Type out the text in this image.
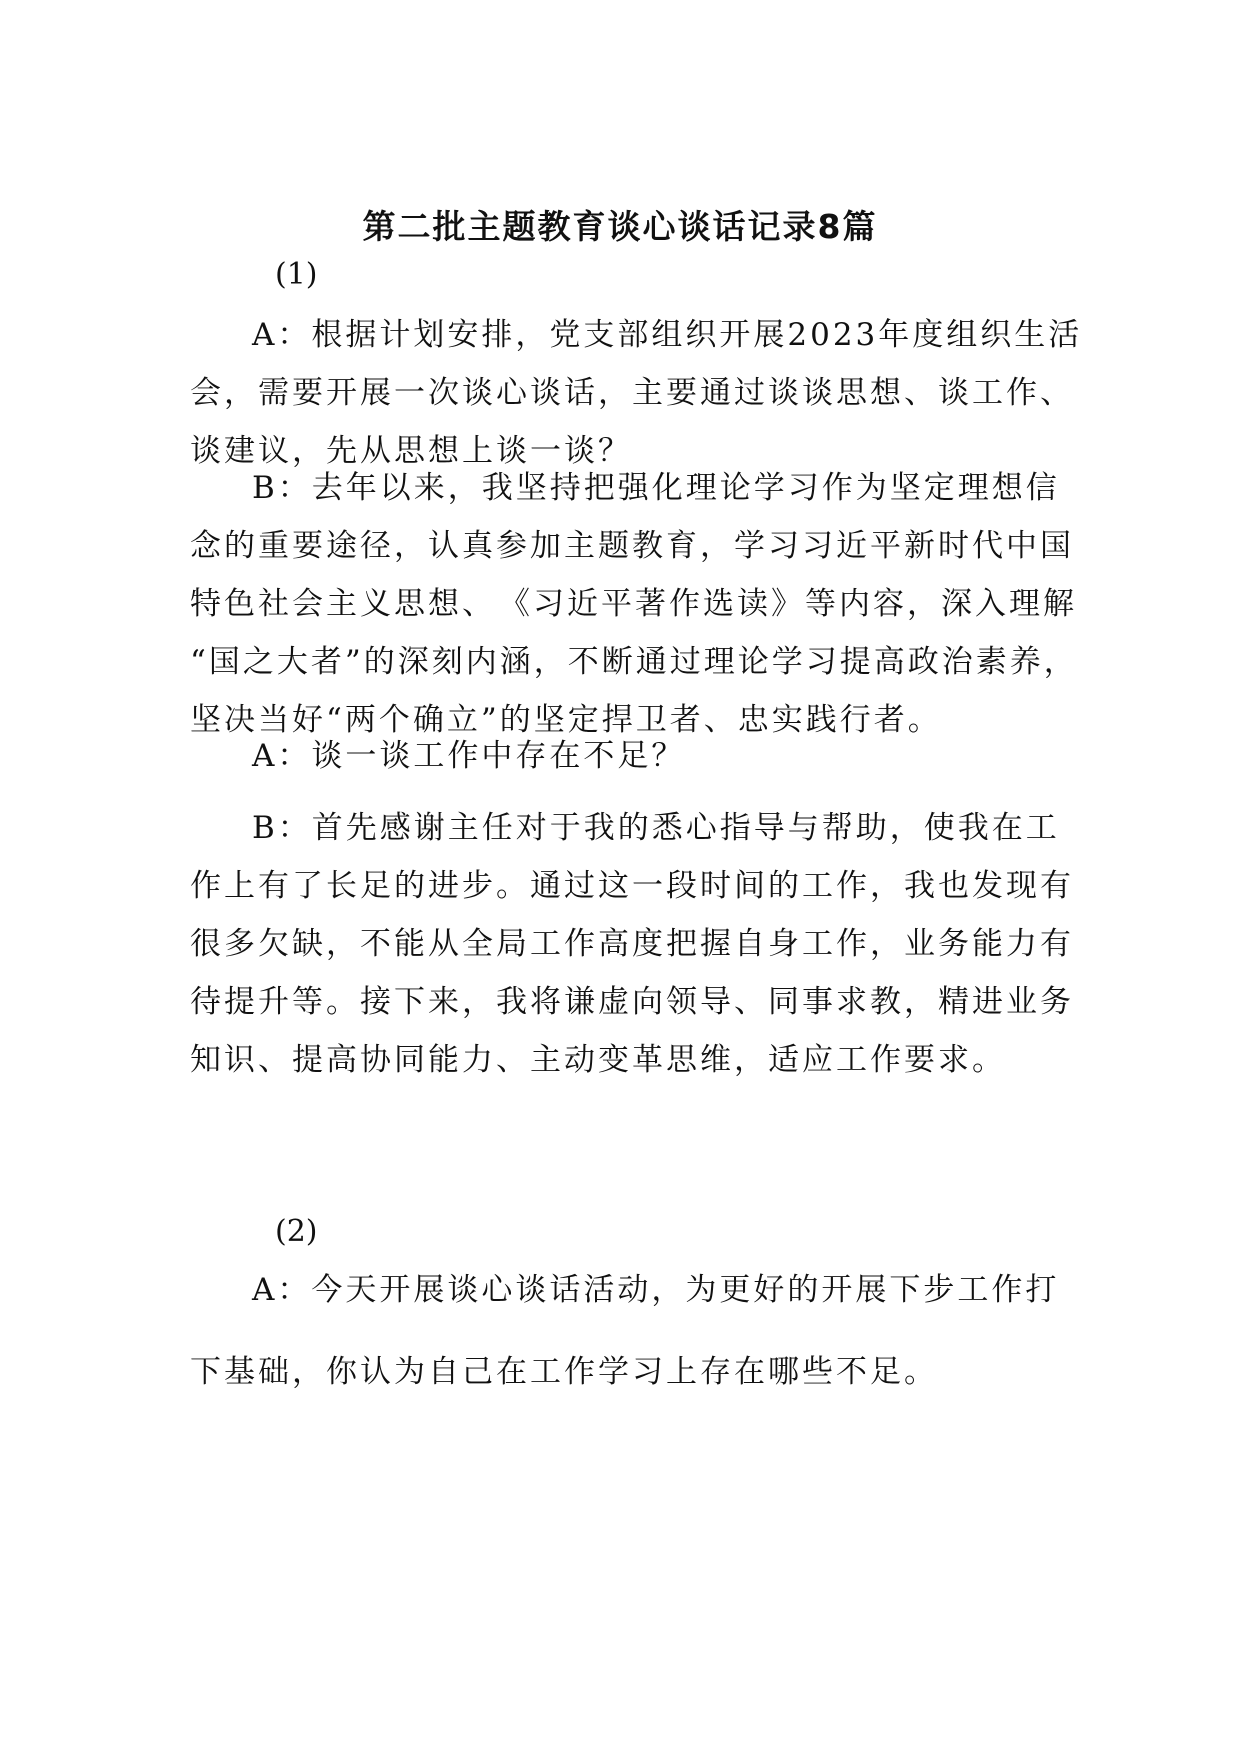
第二批主题教育谈心谈话记录8篇
(1)
A：根据计划安排，党支部组织开展2023年度组织生活
会，需要开展一次谈心谈话，主要通过谈谈思想、谈工作、
谈建议，先从思想上谈一谈？
B：去年以来，我坚持把强化理论学习作为坚定理想信
念的重要途径，认真参加主题教育，学习习近平新时代中国
特色社会主义思想、　《习近平著作选读》等内容，深入理解
“国之大者”的深刻内涵，不断通过理论学习提高政治素养，
坚决当好“两个确立”的坚定捍卫者、忠实践行者。
A：谈一谈工作中存在不足？
B：首先感谢主任对于我的悉心指导与帮助，使我在工
作上有了长足的进步。通过这一段时间的工作，我也发现有
很多欠缺，不能从全局工作高度把握自身工作，业务能力有
待提升等。接下来，我将谦虚向领导、同事求教，精进业务
知识、提高协同能力、主动变革思维，适应工作要求。
(2)
A：今天开展谈心谈话活动，为更好的开展下步工作打
下基础，你认为自己在工作学习上存在哪些不足。
